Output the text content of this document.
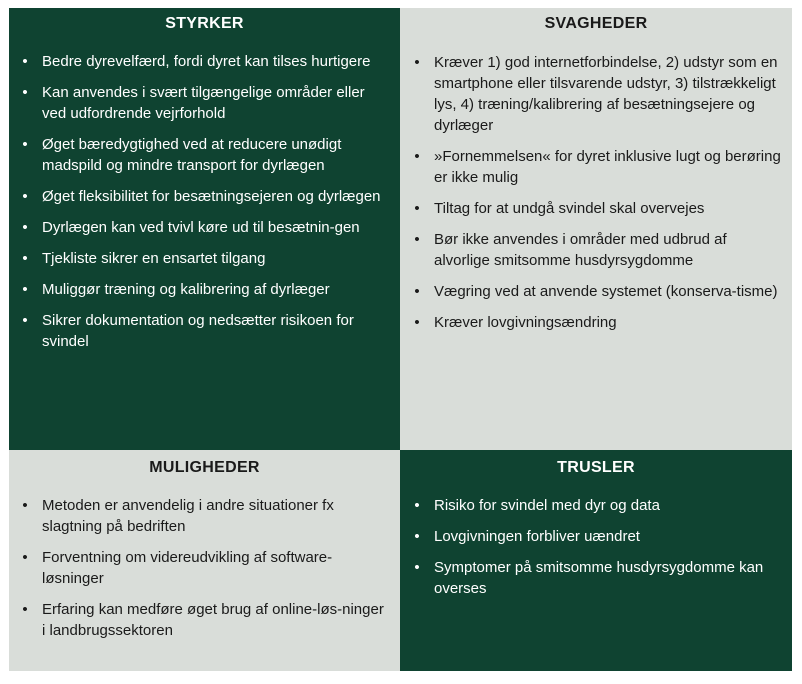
STYRKER
• Bedre dyrevelfærd, fordi dyret kan tilses hurtigere
• Kan anvendes i svært tilgængelige områder eller ved udfordrende vejrforhold
• Øget bæredygtighed ved at reducere unødigt madspild og mindre transport for dyrlægen
• Øget fleksibilitet for besætningsejeren og dyrlægen
• Dyrlægen kan ved tvivl køre ud til besætnin-gen
• Tjekliste sikrer en ensartet tilgang
• Muliggør træning og kalibrering af dyrlæger
• Sikrer dokumentation og nedsætter risikoen for svindel
SVAGHEDER
• Kræver 1) god internetforbindelse, 2) udstyr som en smartphone eller tilsvarende udstyr, 3) tilstrækkeligt lys, 4) træning/kalibrering af besætningsejere og dyrlæger
• »Fornemmelsen« for dyret inklusive lugt og berøring er ikke mulig
• Tiltag for at undgå svindel skal overvejes
• Bør ikke anvendes i områder med udbrud af alvorlige smitsomme husdyrsygdomme
• Vægring ved at anvende systemet (konserva-tisme)
• Kræver lovgivningsændring
MULIGHEDER
• Metoden er anvendelig i andre situationer fx slagtning på bedriften
• Forventning om videreudvikling af software-løsninger
• Erfaring kan medføre øget brug af online-løs-ninger i landbrugssektoren
TRUSLER
• Risiko for svindel med dyr og data
• Lovgivningen forbliver uændret
• Symptomer på smitsomme husdyrsygdomme kan overses
